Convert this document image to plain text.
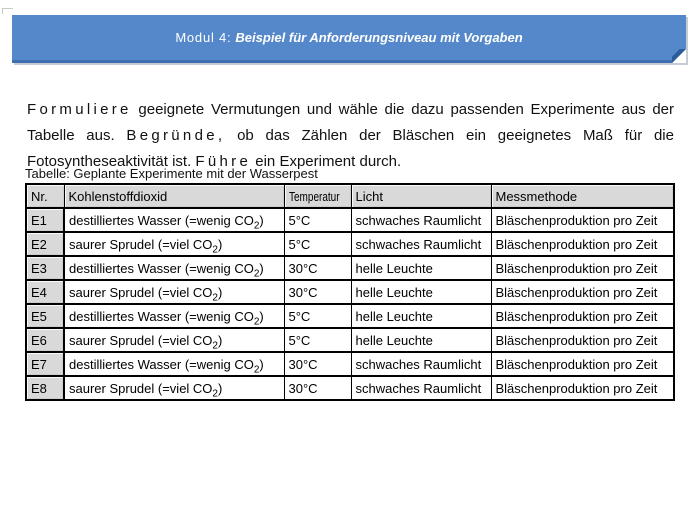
Modul 4: Beispiel für Anforderungsniveau mit Vorgaben

Formuliere geeignete Vermutungen und wähle die dazu passenden Experimente aus der Tabelle aus. Begründe, ob das Zählen der Bläschen ein geeignetes Maß für die Fotosyntheseaktivität ist. Führe ein Experiment durch.

Tabelle: Geplante Experimente mit der Wasserpest
Nr.	Kohlenstoffdioxid	Temperatur	Licht	Messmethode
E1	destilliertes Wasser (=wenig $CO_2$)	5°C	schwaches Raumlicht	Bläschenproduktion pro Zeit
E2	saurer Sprudel (=viel $CO_2$)	5°C	schwaches Raumlicht	Bläschenproduktion pro Zeit
E3	destilliertes Wasser (=wenig $CO_2$)	30°C	helle Leuchte	Bläschenproduktion pro Zeit
E4	saurer Sprudel (=viel $CO_2$)	30°C	helle Leuchte	Bläschenproduktion pro Zeit
E5	destilliertes Wasser (=wenig $CO_2$)	5°C	helle Leuchte	Bläschenproduktion pro Zeit
E6	saurer Sprudel (=viel $CO_2$)	5°C	helle Leuchte	Bläschenproduktion pro Zeit
E7	destilliertes Wasser (=wenig $CO_2$)	30°C	schwaches Raumlicht	Bläschenproduktion pro Zeit
E8	saurer Sprudel (=viel $CO_2$)	30°C	schwaches Raumlicht	Bläschenproduktion pro Zeit
